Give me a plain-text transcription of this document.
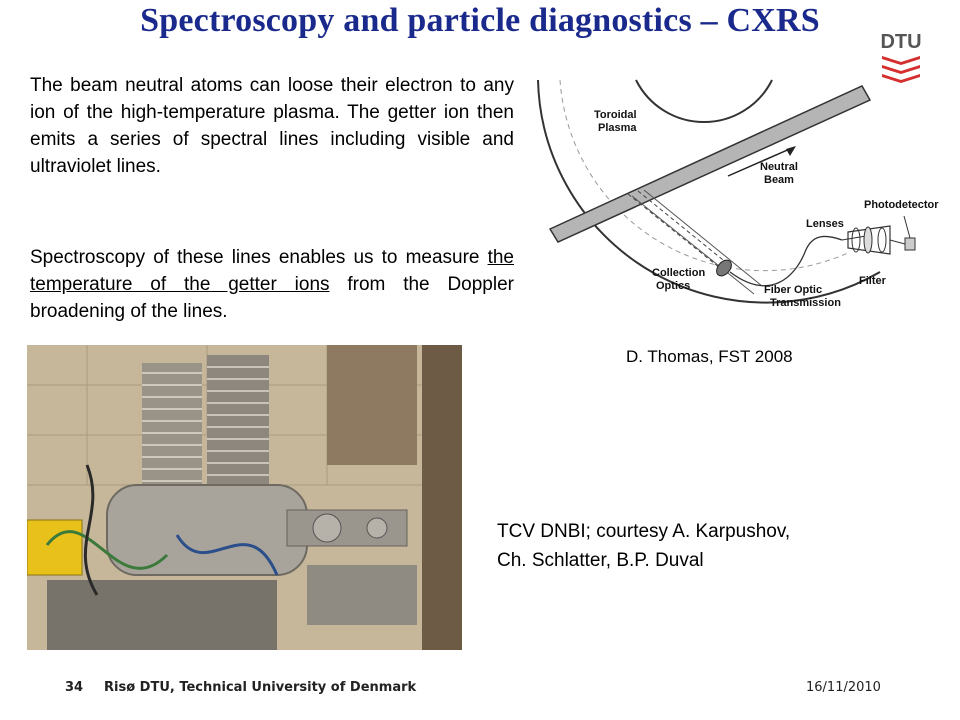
Spectroscopy and particle diagnostics – CXRS
DTU
The beam neutral atoms can loose their electron to any ion of the high-temperature plasma. The getter ion then emits a series of spectral lines including visible and ultraviolet lines.
Spectroscopy of these lines enables us to measure the temperature of the getter ions from the Doppler broadening of the lines.
Toroidal
Plasma
Neutral
Beam
Photodetector
Lenses
Filter
Collection
Optics	Fiber Optic
Transmission
D. Thomas, FST 2008
TCV DNBI; courtesy A. Karpushov,
Ch. Schlatter, B.P. Duval
34 Risø DTU, Technical University of Denmark	16/11/2010
